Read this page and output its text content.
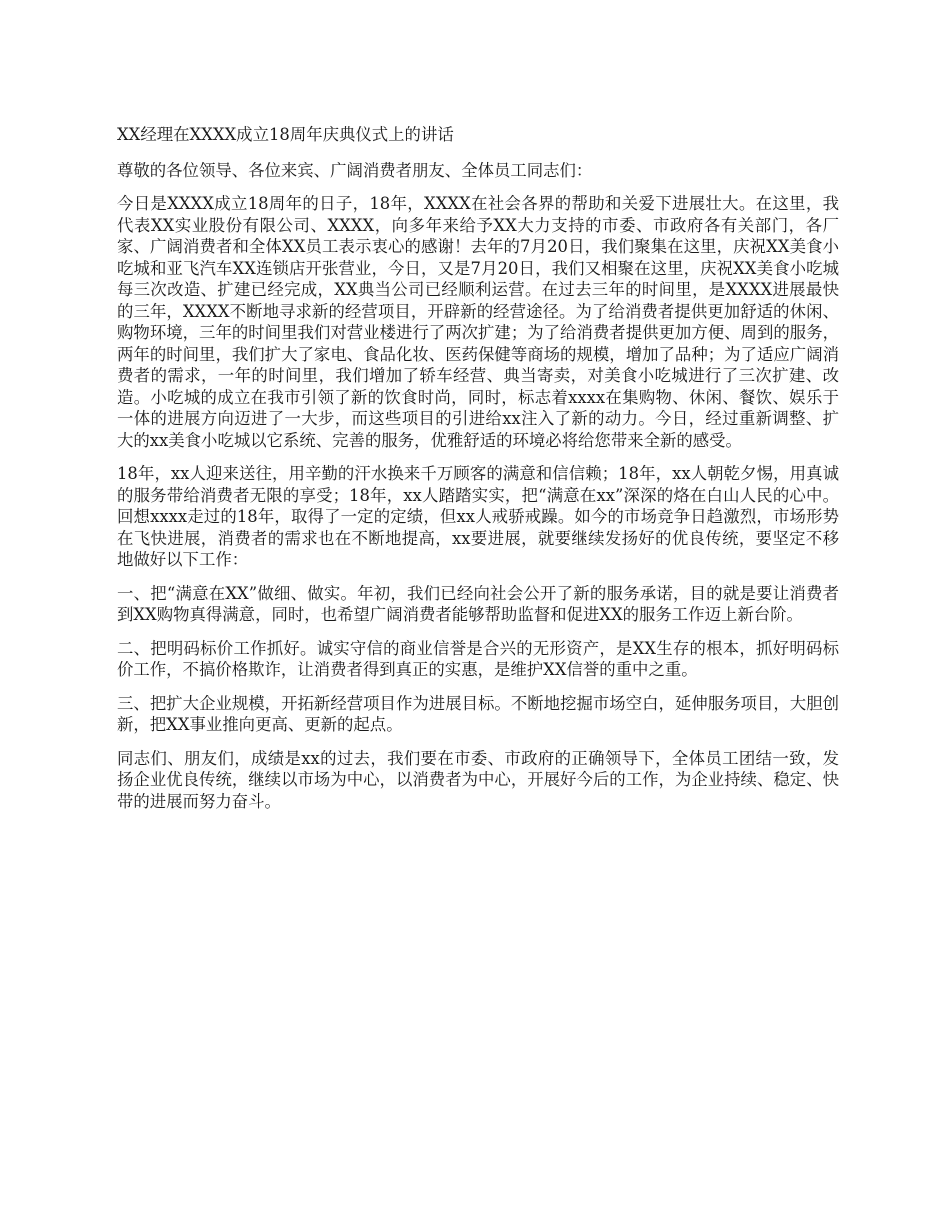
XX经理在XXXX成立18周年庆典仪式上的讲话

尊敬的各位领导、各位来宾、广阔消费者朋友、全体员工同志们：

今日是XXXX成立18周年的日子，18年，XXXX在社会各界的帮助和关爱下进展壮大。在这里，我代表XX实业股份有限公司、XXXX，向多年来给予XX大力支持的市委、市政府各有关部门，各厂家、广阔消费者和全体XX员工表示衷心的感谢！去年的7月20日，我们聚集在这里，庆祝XX美食小吃城和亚飞汽车XX连锁店开张营业，今日，又是7月20日，我们又相聚在这里，庆祝XX美食小吃城每三次改造、扩建已经完成，XX典当公司已经顺利运营。在过去三年的时间里，是XXXX进展最快的三年，XXXX不断地寻求新的经营项目，开辟新的经营途径。为了给消费者提供更加舒适的休闲、购物环境，三年的时间里我们对营业楼进行了两次扩建；为了给消费者提供更加方便、周到的服务，两年的时间里，我们扩大了家电、食品化妆、医药保健等商场的规模，增加了品种；为了适应广阔消费者的需求，一年的时间里，我们增加了轿车经营、典当寄卖，对美食小吃城进行了三次扩建、改造。小吃城的成立在我市引领了新的饮食时尚，同时，标志着xxxx在集购物、休闲、餐饮、娱乐于一体的进展方向迈进了一大步，而这些项目的引进给xx注入了新的动力。今日，经过重新调整、扩大的xx美食小吃城以它系统、完善的服务，优雅舒适的环境必将给您带来全新的感受。

18年，xx人迎来送往，用辛勤的汗水换来千万顾客的满意和信信赖；18年，xx人朝乾夕惕，用真诚的服务带给消费者无限的享受；18年，xx人踏踏实实，把“满意在xx”深深的烙在白山人民的心中。回想xxxx走过的18年，取得了一定的定绩，但xx人戒骄戒躁。如今的市场竞争日趋激烈，市场形势在飞快进展，消费者的需求也在不断地提高，xx要进展，就要继续发扬好的优良传统，要坚定不移地做好以下工作：

一、把“满意在XX”做细、做实。年初，我们已经向社会公开了新的服务承诺，目的就是要让消费者到XX购物真得满意，同时，也希望广阔消费者能够帮助监督和促进XX的服务工作迈上新台阶。

二、把明码标价工作抓好。诚实守信的商业信誉是合兴的无形资产，是XX生存的根本，抓好明码标价工作，不搞价格欺诈，让消费者得到真正的实惠，是维护XX信誉的重中之重。

三、把扩大企业规模，开拓新经营项目作为进展目标。不断地挖掘市场空白，延伸服务项目，大胆创新，把XX事业推向更高、更新的起点。

同志们、朋友们，成绩是xx的过去，我们要在市委、市政府的正确领导下，全体员工团结一致，发扬企业优良传统，继续以市场为中心，以消费者为中心，开展好今后的工作，为企业持续、稳定、快带的进展而努力奋斗。
